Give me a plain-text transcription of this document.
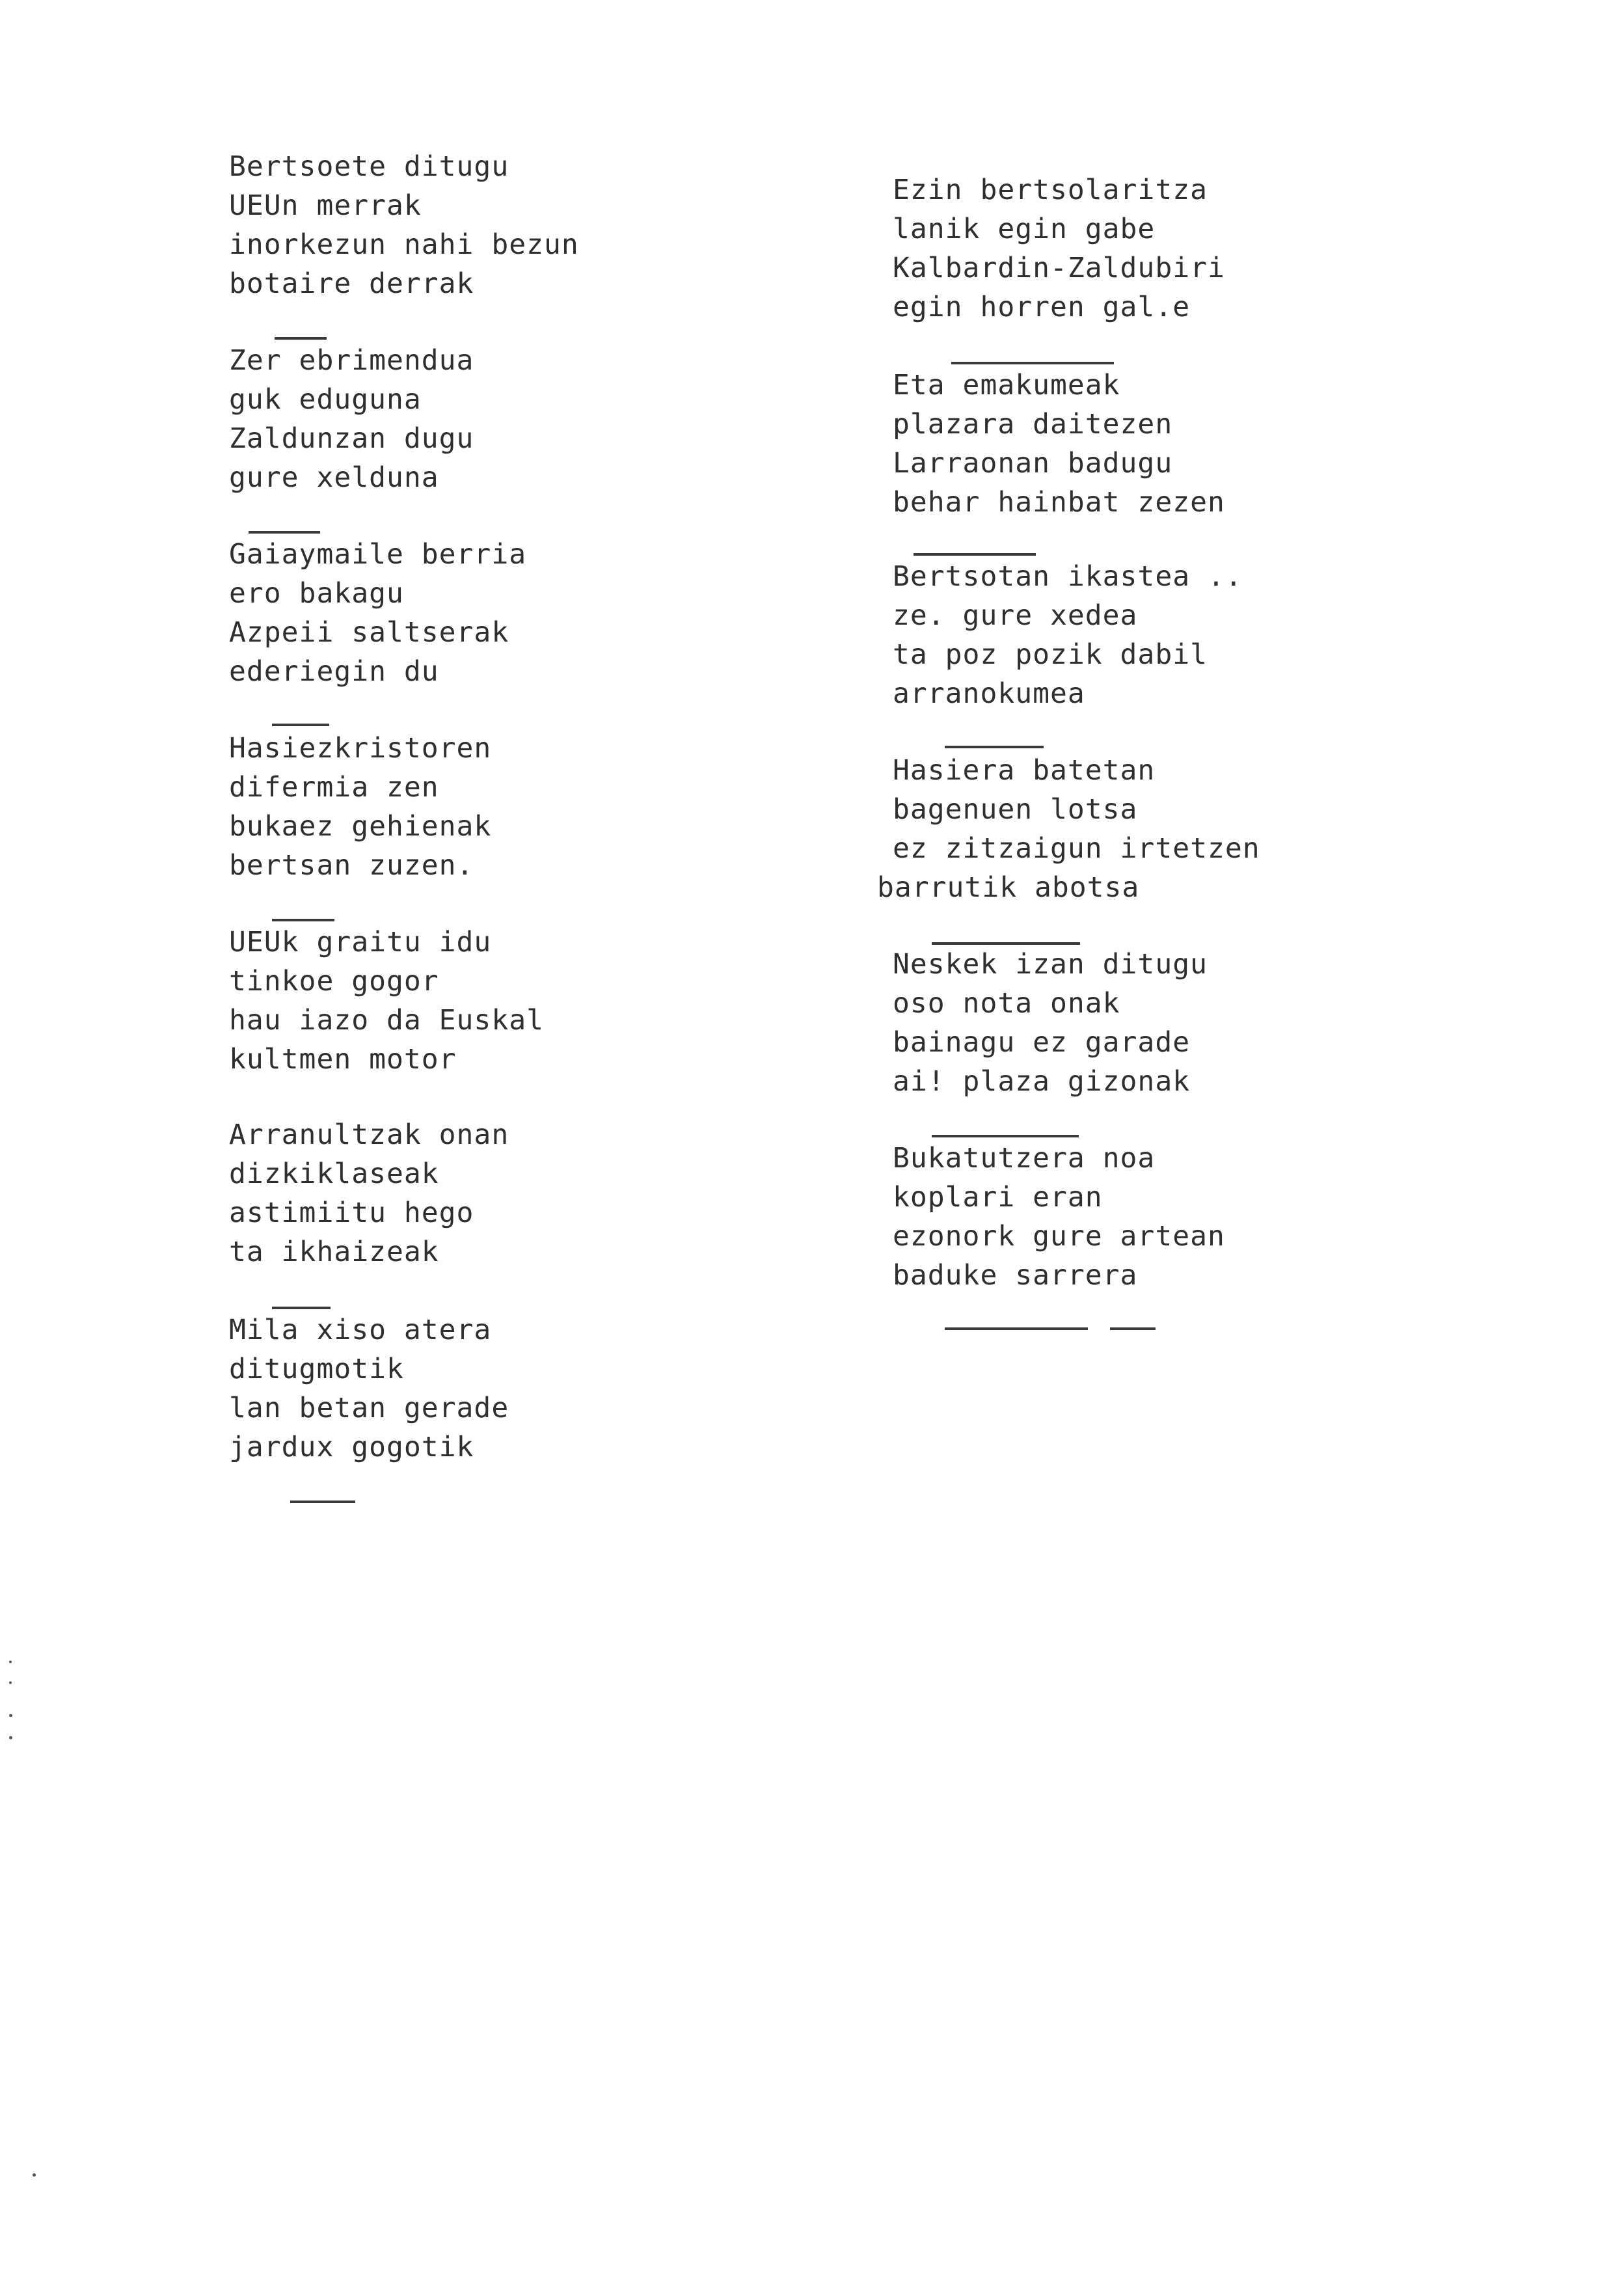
Bertsoete ditugu
UEUn merrak
inorkezun nahi bezun
botaire derrak
Zer ebrimendua
guk eduguna
Zaldunzan dugu
gure xelduna
Gaiaymaile berria
ero bakagu
Azpeii saltserak
ederiegin du
Hasiezkristoren
difermia zen
bukaez gehienak
bertsan zuzen.
UEUk graitu idu
tinkoe gogor
hau iazo da Euskal
kultmen motor
Arranultzak onan
dizkiklaseak
astimiitu hego
ta ikhaizeak
Mila xiso atera
ditugmotik
lan betan gerade
jardux gogotik
Ezin bertsolaritza
lanik egin gabe
Kalbardin-Zaldubiri
egin horren gal.e
Eta emakumeak
plazara daitezen
Larraonan badugu
behar hainbat zezen
Bertsotan ikastea ..
ze. gure xedea
ta poz pozik dabil
arranokumea
Hasiera batetan
bagenuen lotsa
ez zitzaigun irtetzen
barrutik abotsa
Neskek izan ditugu
oso nota onak
bainagu ez garade
ai! plaza gizonak
Bukatutzera noa
koplari eran
ezonork gure artean
baduke sarrera
